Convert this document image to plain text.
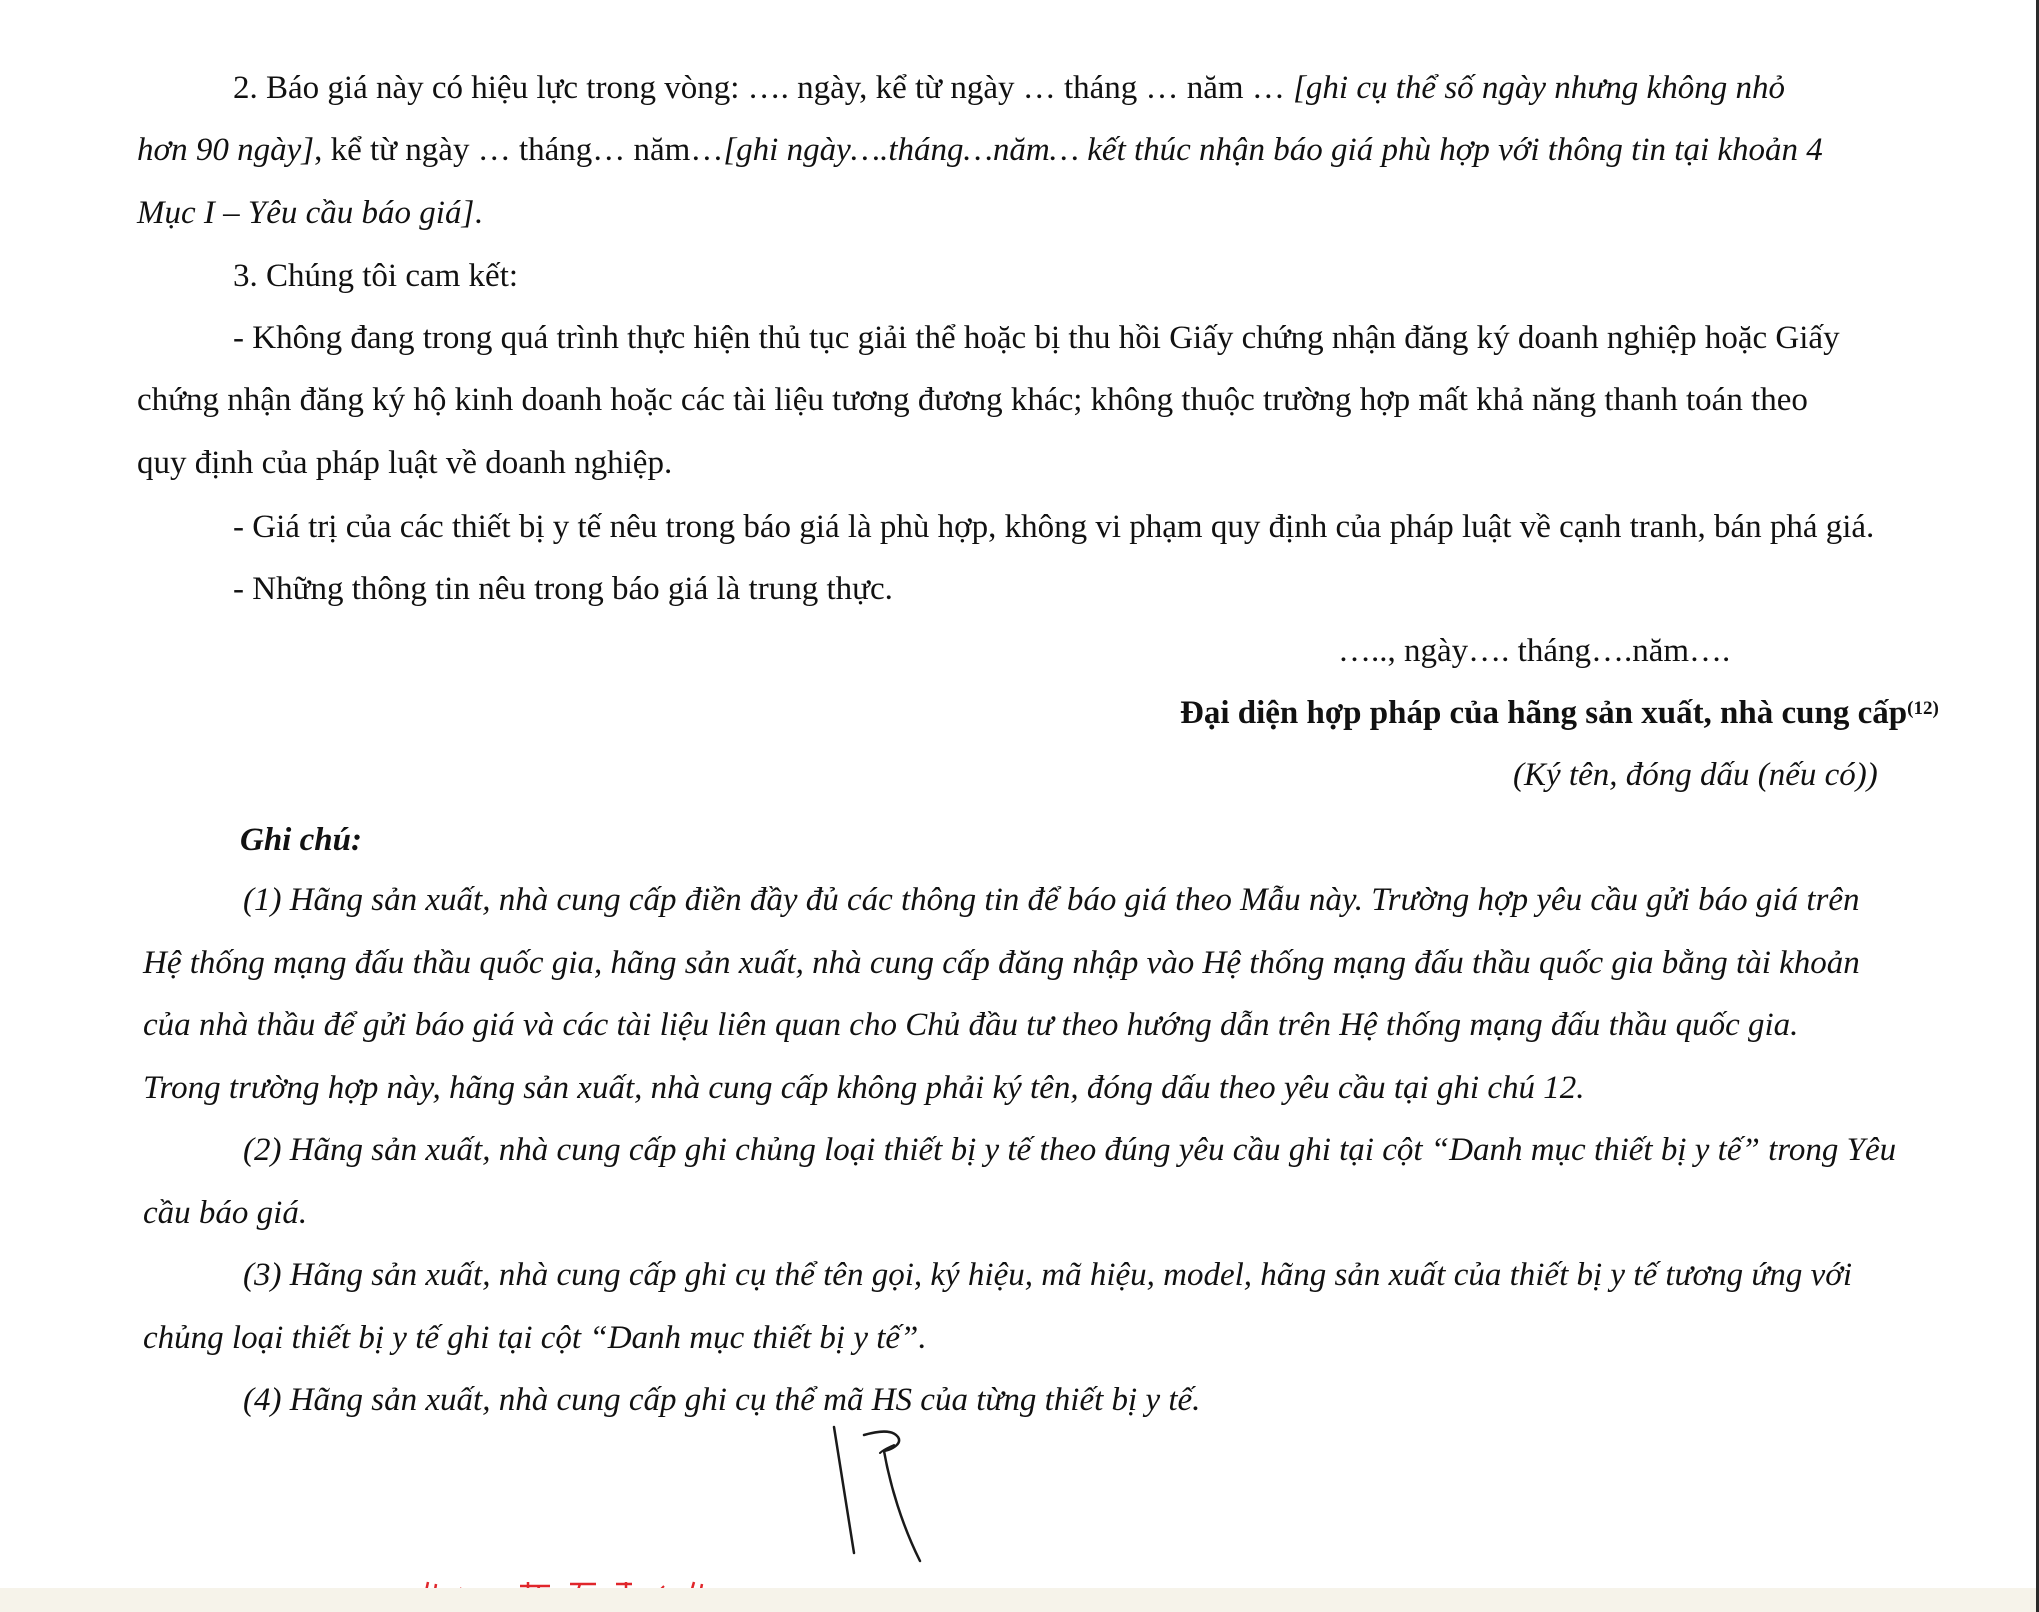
2. Báo giá này có hiệu lực trong vòng: …. ngày, kể từ ngày … tháng … năm … [ghi cụ thể số ngày nhưng không nhỏ
hơn 90 ngày], kể từ ngày … tháng… năm…[ghi ngày….tháng…năm… kết thúc nhận báo giá phù hợp với thông tin tại khoản 4
Mục I – Yêu cầu báo giá].
3. Chúng tôi cam kết:
- Không đang trong quá trình thực hiện thủ tục giải thể hoặc bị thu hồi Giấy chứng nhận đăng ký doanh nghiệp hoặc Giấy
chứng nhận đăng ký hộ kinh doanh hoặc các tài liệu tương đương khác; không thuộc trường hợp mất khả năng thanh toán theo
quy định của pháp luật về doanh nghiệp.
- Giá trị của các thiết bị y tế nêu trong báo giá là phù hợp, không vi phạm quy định của pháp luật về cạnh tranh, bán phá giá.
- Những thông tin nêu trong báo giá là trung thực.
….., ngày…. tháng….năm….
Đại diện hợp pháp của hãng sản xuất, nhà cung cấp$^{(12)}$
(Ký tên, đóng dấu (nếu có))
Ghi chú:
(1) Hãng sản xuất, nhà cung cấp điền đầy đủ các thông tin để báo giá theo Mẫu này. Trường hợp yêu cầu gửi báo giá trên
Hệ thống mạng đấu thầu quốc gia, hãng sản xuất, nhà cung cấp đăng nhập vào Hệ thống mạng đấu thầu quốc gia bằng tài khoản
của nhà thầu để gửi báo giá và các tài liệu liên quan cho Chủ đầu tư theo hướng dẫn trên Hệ thống mạng đấu thầu quốc gia.
Trong trường hợp này, hãng sản xuất, nhà cung cấp không phải ký tên, đóng dấu theo yêu cầu tại ghi chú 12.
(2) Hãng sản xuất, nhà cung cấp ghi chủng loại thiết bị y tế theo đúng yêu cầu ghi tại cột “Danh mục thiết bị y tế” trong Yêu
cầu báo giá.
(3) Hãng sản xuất, nhà cung cấp ghi cụ thể tên gọi, ký hiệu, mã hiệu, model, hãng sản xuất của thiết bị y tế tương ứng với
chủng loại thiết bị y tế ghi tại cột “Danh mục thiết bị y tế”.
(4) Hãng sản xuất, nhà cung cấp ghi cụ thể mã HS của từng thiết bị y tế.
